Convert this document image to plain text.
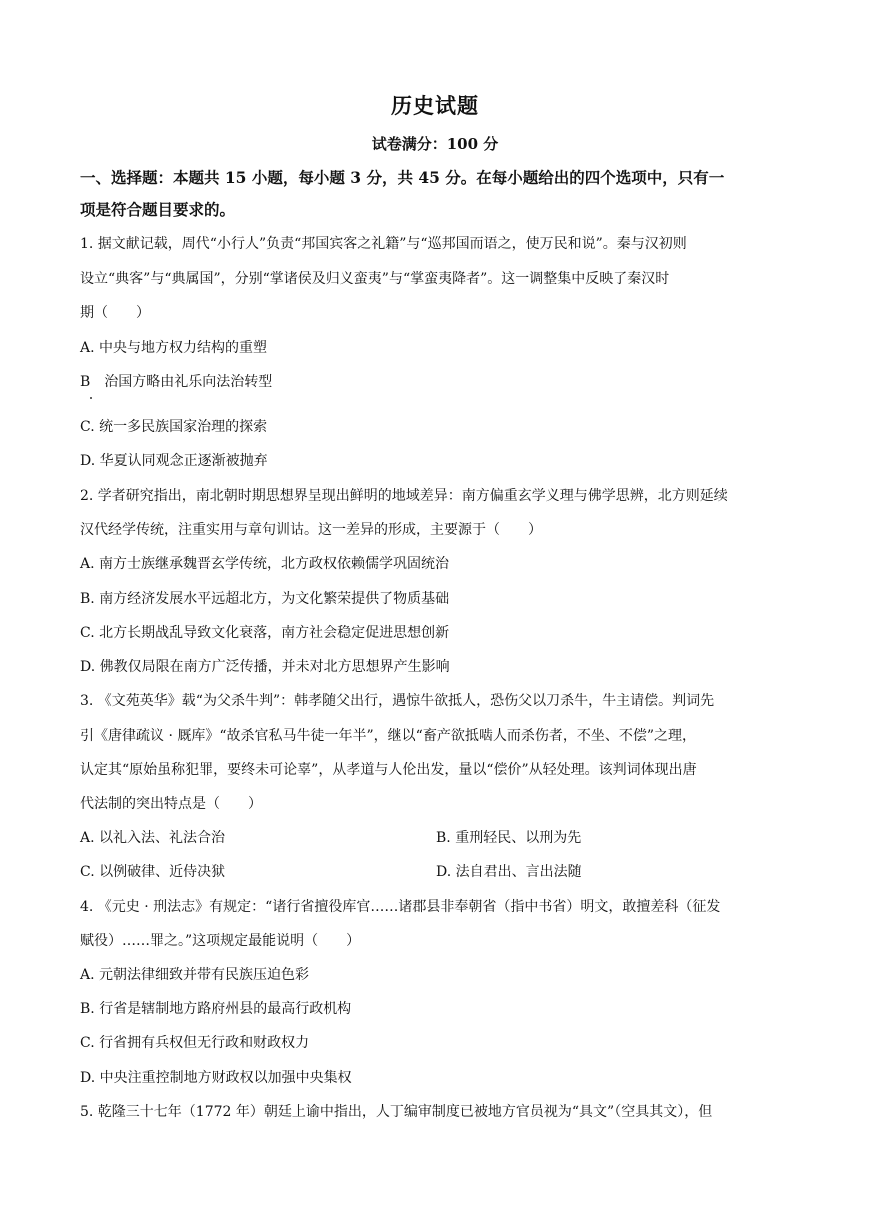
历史试题
试卷满分：100 分
一、选择题：本题共 15 小题，每小题 3 分，共 45 分。在每小题给出的四个选项中，只有一
项是符合题目要求的。
1. 据文献记载，周代“小行人”负责“邦国宾客之礼籍”与“巡邦国而语之，使万民和说”。秦与汉初则
设立“典客”与“典属国”，分别“掌诸侯及归义蛮夷”与“掌蛮夷降者”。这一调整集中反映了秦汉时
期（　　）
A. 中央与地方权力结构的重塑
B　治国方略由礼乐向法治转型
C. 统一多民族国家治理的探索
D. 华夏认同观念正逐渐被抛弃
2. 学者研究指出，南北朝时期思想界呈现出鲜明的地域差异：南方偏重玄学义理与佛学思辨，北方则延续
汉代经学传统，注重实用与章句训诂。这一差异的形成，主要源于（　　）
A. 南方士族继承魏晋玄学传统，北方政权依赖儒学巩固统治
B. 南方经济发展水平远超北方，为文化繁荣提供了物质基础
C. 北方长期战乱导致文化衰落，南方社会稳定促进思想创新
D. 佛教仅局限在南方广泛传播，并未对北方思想界产生影响
3. 《文苑英华》载“为父杀牛判”：韩孝随父出行，遇惊牛欲抵人，恐伤父以刀杀牛，牛主请偿。判词先
引《唐律疏议 · 厩库》“故杀官私马牛徒一年半”，继以“畜产欲抵啮人而杀伤者，不坐、不偿”之理，
认定其“原始虽称犯罪，要终未可论辜”，从孝道与人伦出发，量以“偿价”从轻处理。该判词体现出唐
代法制的突出特点是（　　）
A. 以礼入法、礼法合治	B. 重刑轻民、以刑为先
C. 以例破律、近侍决狱	D. 法自君出、言出法随
4. 《元史 · 刑法志》有规定：“诸行省擅役库官……诸郡县非奉朝省（指中书省）明文，敢擅差科（征发
赋役）……罪之。”这项规定最能说明（　　）
A. 元朝法律细致并带有民族压迫色彩
B. 行省是辖制地方路府州县的最高行政机构
C. 行省拥有兵权但无行政和财政权力
D. 中央注重控制地方财政权以加强中央集权
5. 乾隆三十七年（1772 年）朝廷上谕中指出，人丁编审制度已被地方官员视为“具文”（空具其文），但
